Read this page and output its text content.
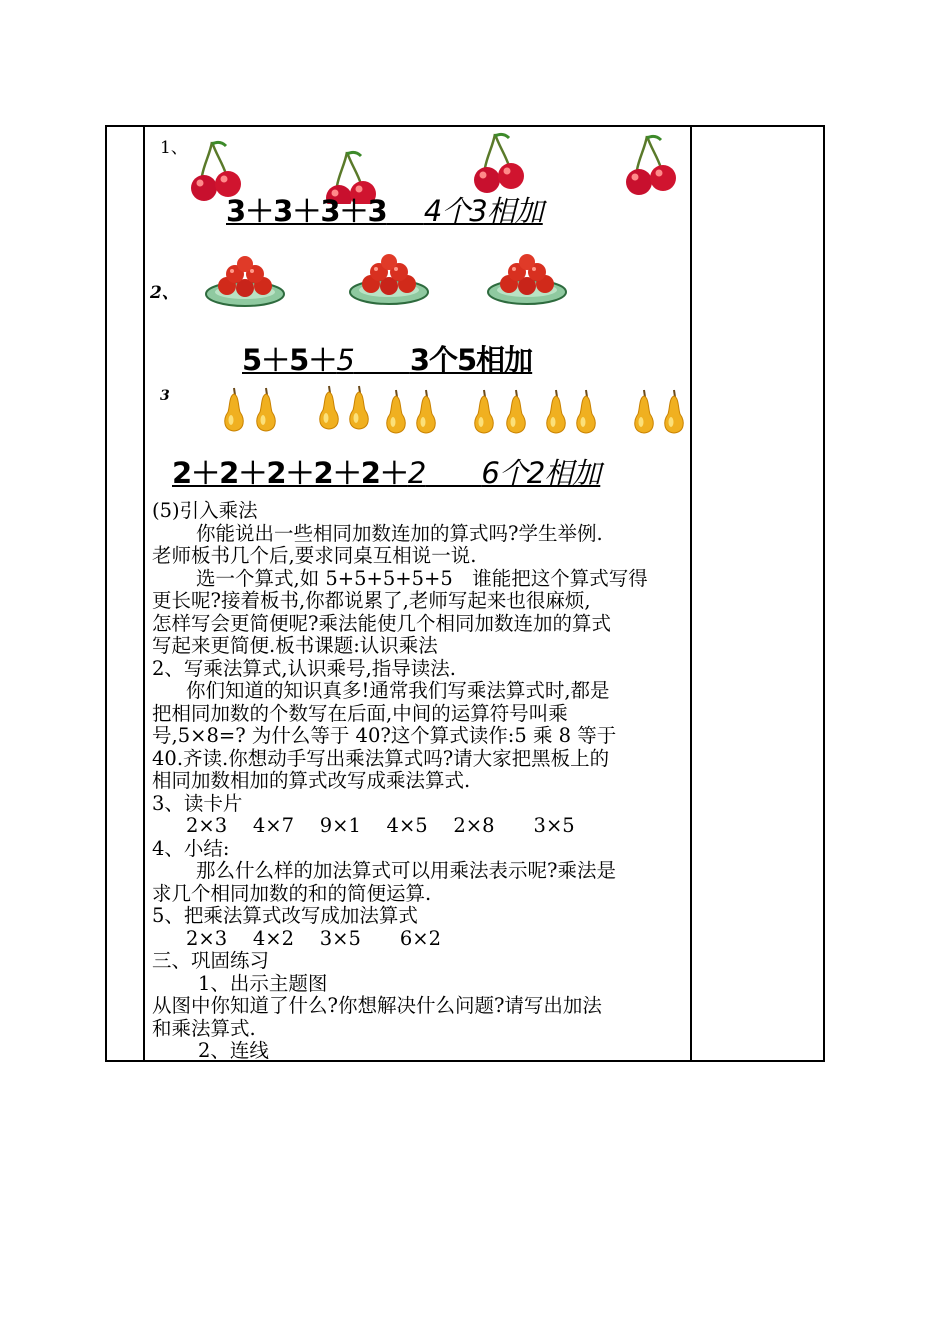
1、
3＋3＋3＋3　 4个3相加
2、
5＋5＋5　　 3个5相加
3
2＋2＋2＋2＋2＋2　　 6个2相加
(5)引入乘法
你能说出一些相同加数连加的算式吗?学生举例.
老师板书几个后,要求同桌互相说一说.
选一个算式,如 5+5+5+5+5　谁能把这个算式写得
更长呢?接着板书,你都说累了,老师写起来也很麻烦,
怎样写会更简便呢?乘法能使几个相同加数连加的算式
写起来更简便.板书课题:认识乘法
2、写乘法算式,认识乘号,指导读法.
你们知道的知识真多!通常我们写乘法算式时,都是
把相同加数的个数写在后面,中间的运算符号叫乘
号,5×8=? 为什么等于 40?这个算式读作:5 乘 8 等于
40.齐读.你想动手写出乘法算式吗?请大家把黑板上的
相同加数相加的算式改写成乘法算式.
3、读卡片
2×3　 4×7　 9×1　 4×5　 2×8　　3×5
4、小结:
那么什么样的加法算式可以用乘法表示呢?乘法是
求几个相同加数的和的简便运算.
5、把乘法算式改写成加法算式
2×3　 4×2　 3×5　　6×2
三、巩固练习
1、出示主题图
从图中你知道了什么?你想解决什么问题?请写出加法
和乘法算式.
2、连线
